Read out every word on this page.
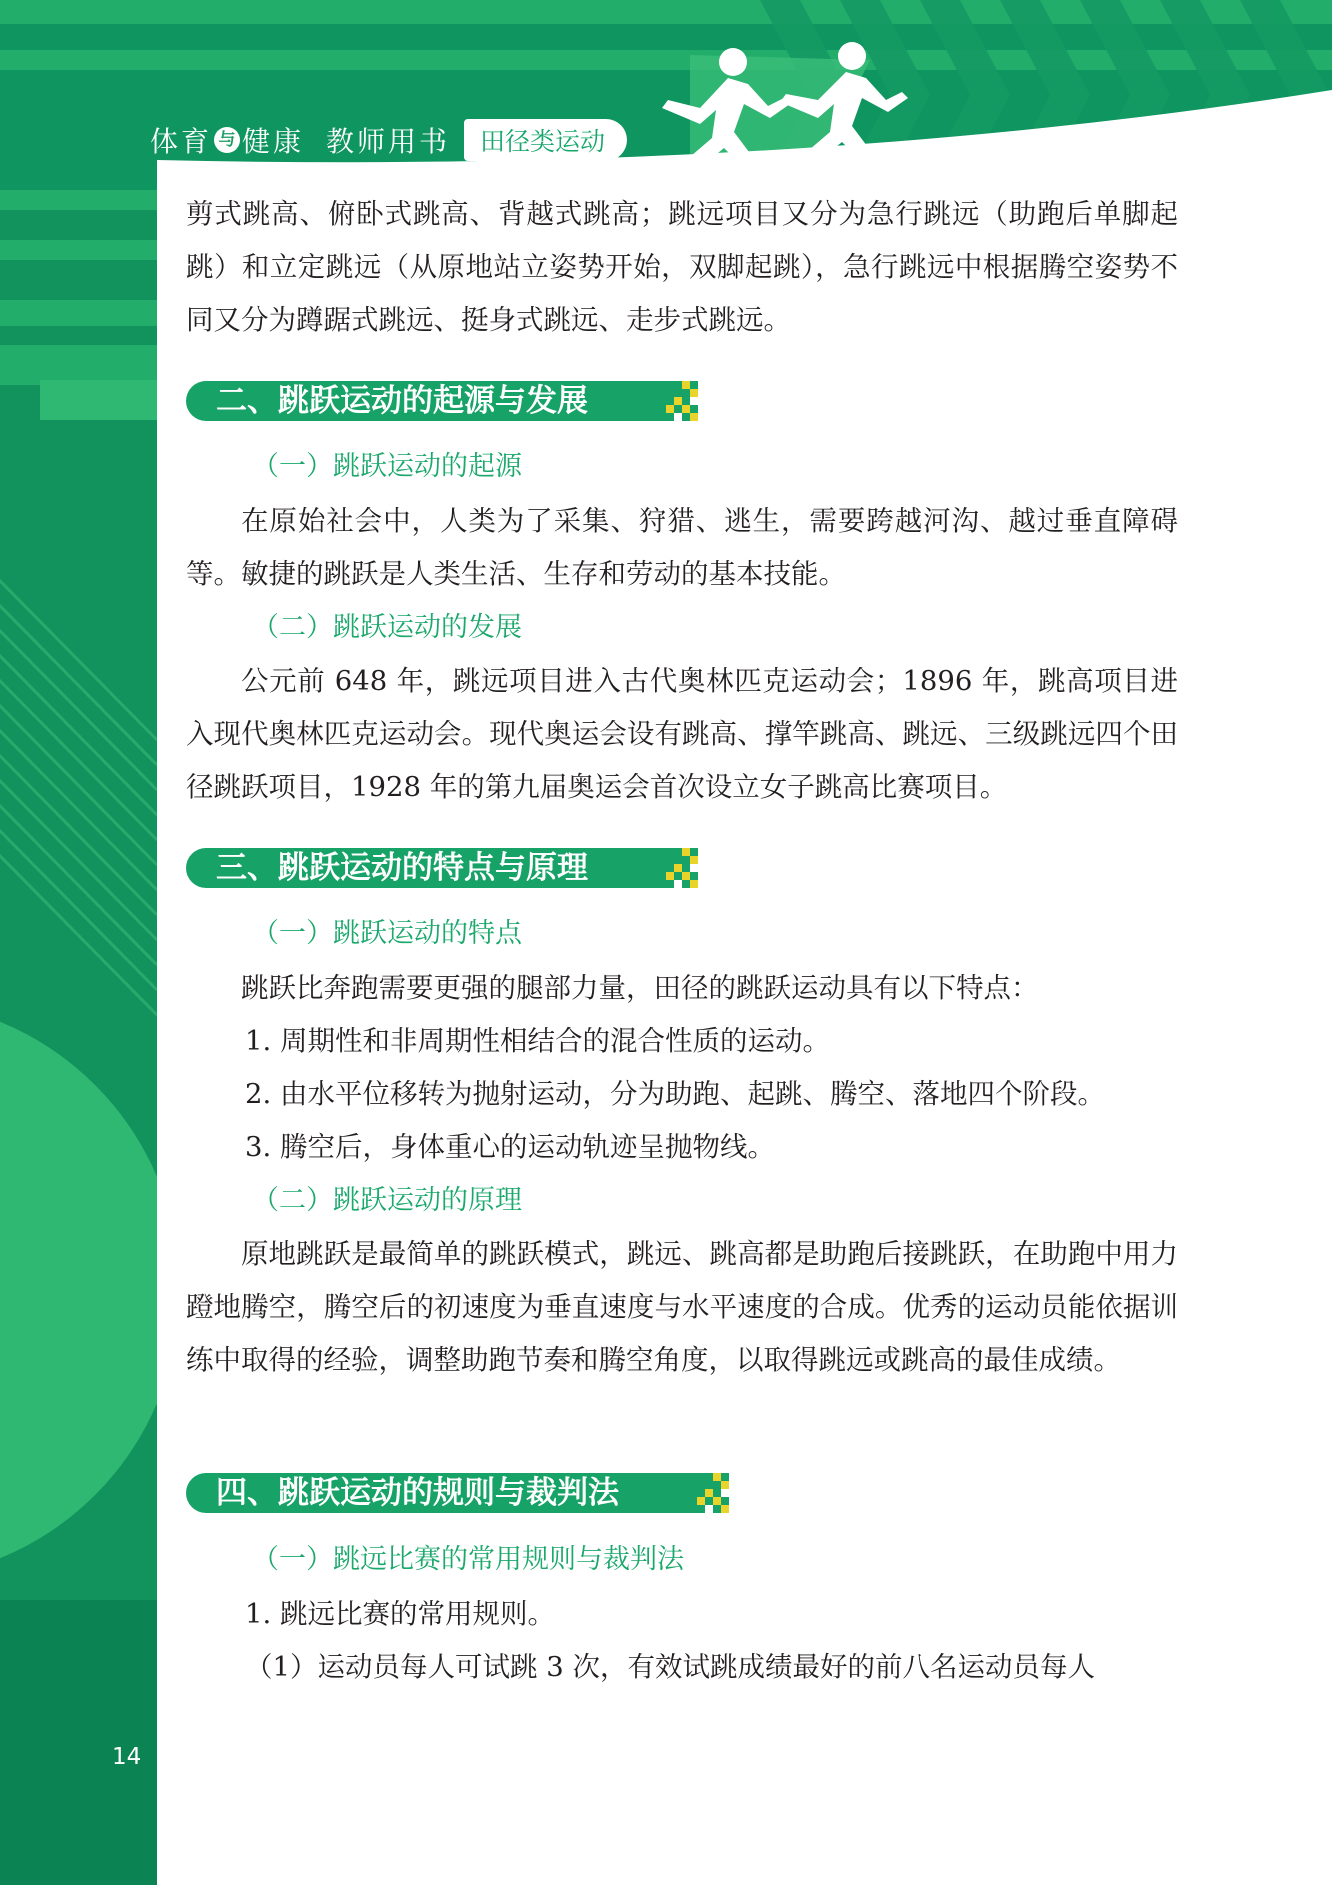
体育 与 健康 教师用书	田径类运动

剪式跳高、俯卧式跳高、背越式跳高；跳远项目又分为急行跳远（助跑后单脚起跳）和立定跳远（从原地站立姿势开始，双脚起跳），急行跳远中根据腾空姿势不同又分为蹲踞式跳远、挺身式跳远、走步式跳远。

二、跳跃运动的起源与发展
（一）跳跃运动的起源

在原始社会中，人类为了采集、狩猎、逃生，需要跨越河沟、越过垂直障碍等。敏捷的跳跃是人类生活、生存和劳动的基本技能。

（二）跳跃运动的发展

公元前 648 年，跳远项目进入古代奥林匹克运动会；1896 年，跳高项目进入现代奥林匹克运动会。现代奥运会设有跳高、撑竿跳高、跳远、三级跳远四个田径跳跃项目，1928 年的第九届奥运会首次设立女子跳高比赛项目。

三、跳跃运动的特点与原理
（一）跳跃运动的特点

跳跃比奔跑需要更强的腿部力量，田径的跳跃运动具有以下特点：

1. 周期性和非周期性相结合的混合性质的运动。

2. 由水平位移转为抛射运动，分为助跑、起跳、腾空、落地四个阶段。

3. 腾空后，身体重心的运动轨迹呈抛物线。

（二）跳跃运动的原理

原地跳跃是最简单的跳跃模式，跳远、跳高都是助跑后接跳跃，在助跑中用力蹬地腾空，腾空后的初速度为垂直速度与水平速度的合成。优秀的运动员能依据训练中取得的经验，调整助跑节奏和腾空角度，以取得跳远或跳高的最佳成绩。

四、跳跃运动的规则与裁判法
（一）跳远比赛的常用规则与裁判法

1. 跳远比赛的常用规则。

（1）运动员每人可试跳 3 次，有效试跳成绩最好的前八名运动员每人

14
